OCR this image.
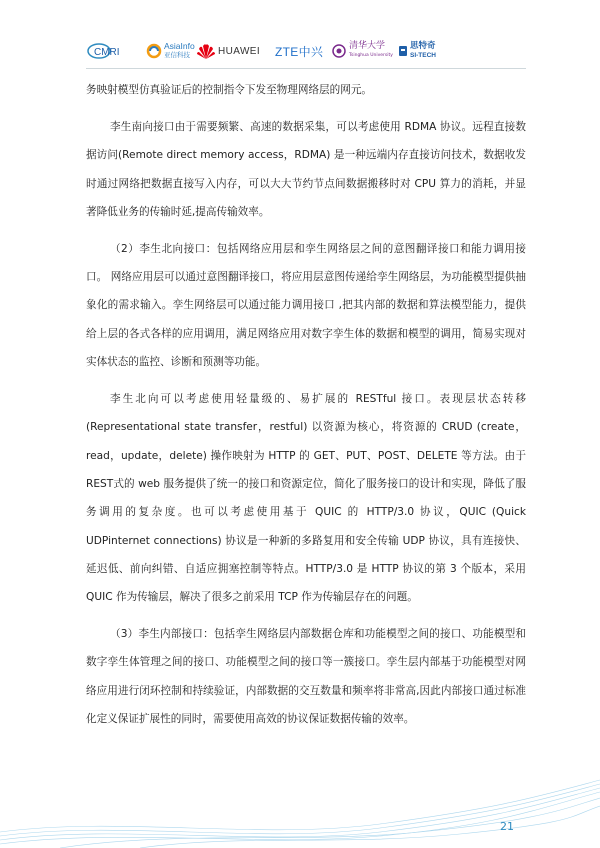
CMRI
AsiaInfo
亚信科技	HUAWEI ZTE中兴	清华大学
Tsinghua University
思特奇
SI-TECH

务映射模型仿真验证后的控制指令下发至物理网络层的网元。

李生南向接口由于需要频繁、高速的数据采集，可以考虑使用 RDMA 协议。远程直接数据访问(Remote direct memory access，RDMA) 是一种远端内存直接访问技术，数据收发时通过网络把数据直接写入内存，可以大大节约节点间数据搬移时对 CPU 算力的消耗，并显著降低业务的传输时延,提高传输效率。

（2）李生北向接口：包括网络应用层和孪生网络层之间的意图翻译接口和能力调用接口。 网络应用层可以通过意图翻译接口，将应用层意图传递给孪生网络层，为功能模型提供抽象化的需求输入。孪生网络层可以通过能力调用接口 ,把其内部的数据和算法模型能力，提供给上层的各式各样的应用调用，满足网络应用对数字孪生体的数据和模型的调用，简易实现对实体状态的监控、诊断和预测等功能。

李生北向可以考虑使用轻量级的、易扩展的 RESTful 接口。表现层状态转移(Representational state transfer，restful) 以资源为核心，将资源的 CRUD (create，read，update，delete) 操作映射为 HTTP 的 GET、PUT、POST、DELETE 等方法。由于 REST式的 web 服务提供了统一的接口和资源定位，简化了服务接口的设计和实现，降低了服务调用的复杂度。也可以考虑使用基于 QUIC 的 HTTP/3.0 协议，QUIC (Quick UDPinternet connections) 协议是一种新的多路复用和安全传输 UDP 协议，具有连接快、延迟低、前向纠错、自适应拥塞控制等特点。HTTP/3.0 是 HTTP 协议的第 3 个版本，采用QUIC 作为传输层，解决了很多之前采用 TCP 作为传输层存在的问题。

（3）李生内部接口：包括孪生网络层内部数据仓库和功能模型之间的接口、功能模型和数字孪生体管理之间的接口、功能模型之间的接口等一簇接口。孪生层内部基于功能模型对网络应用进行闭环控制和持续验证，内部数据的交互数量和频率将非常高,因此内部接口通过标准化定义保证扩展性的同时，需要使用高效的协议保证数据传输的效率。

21
